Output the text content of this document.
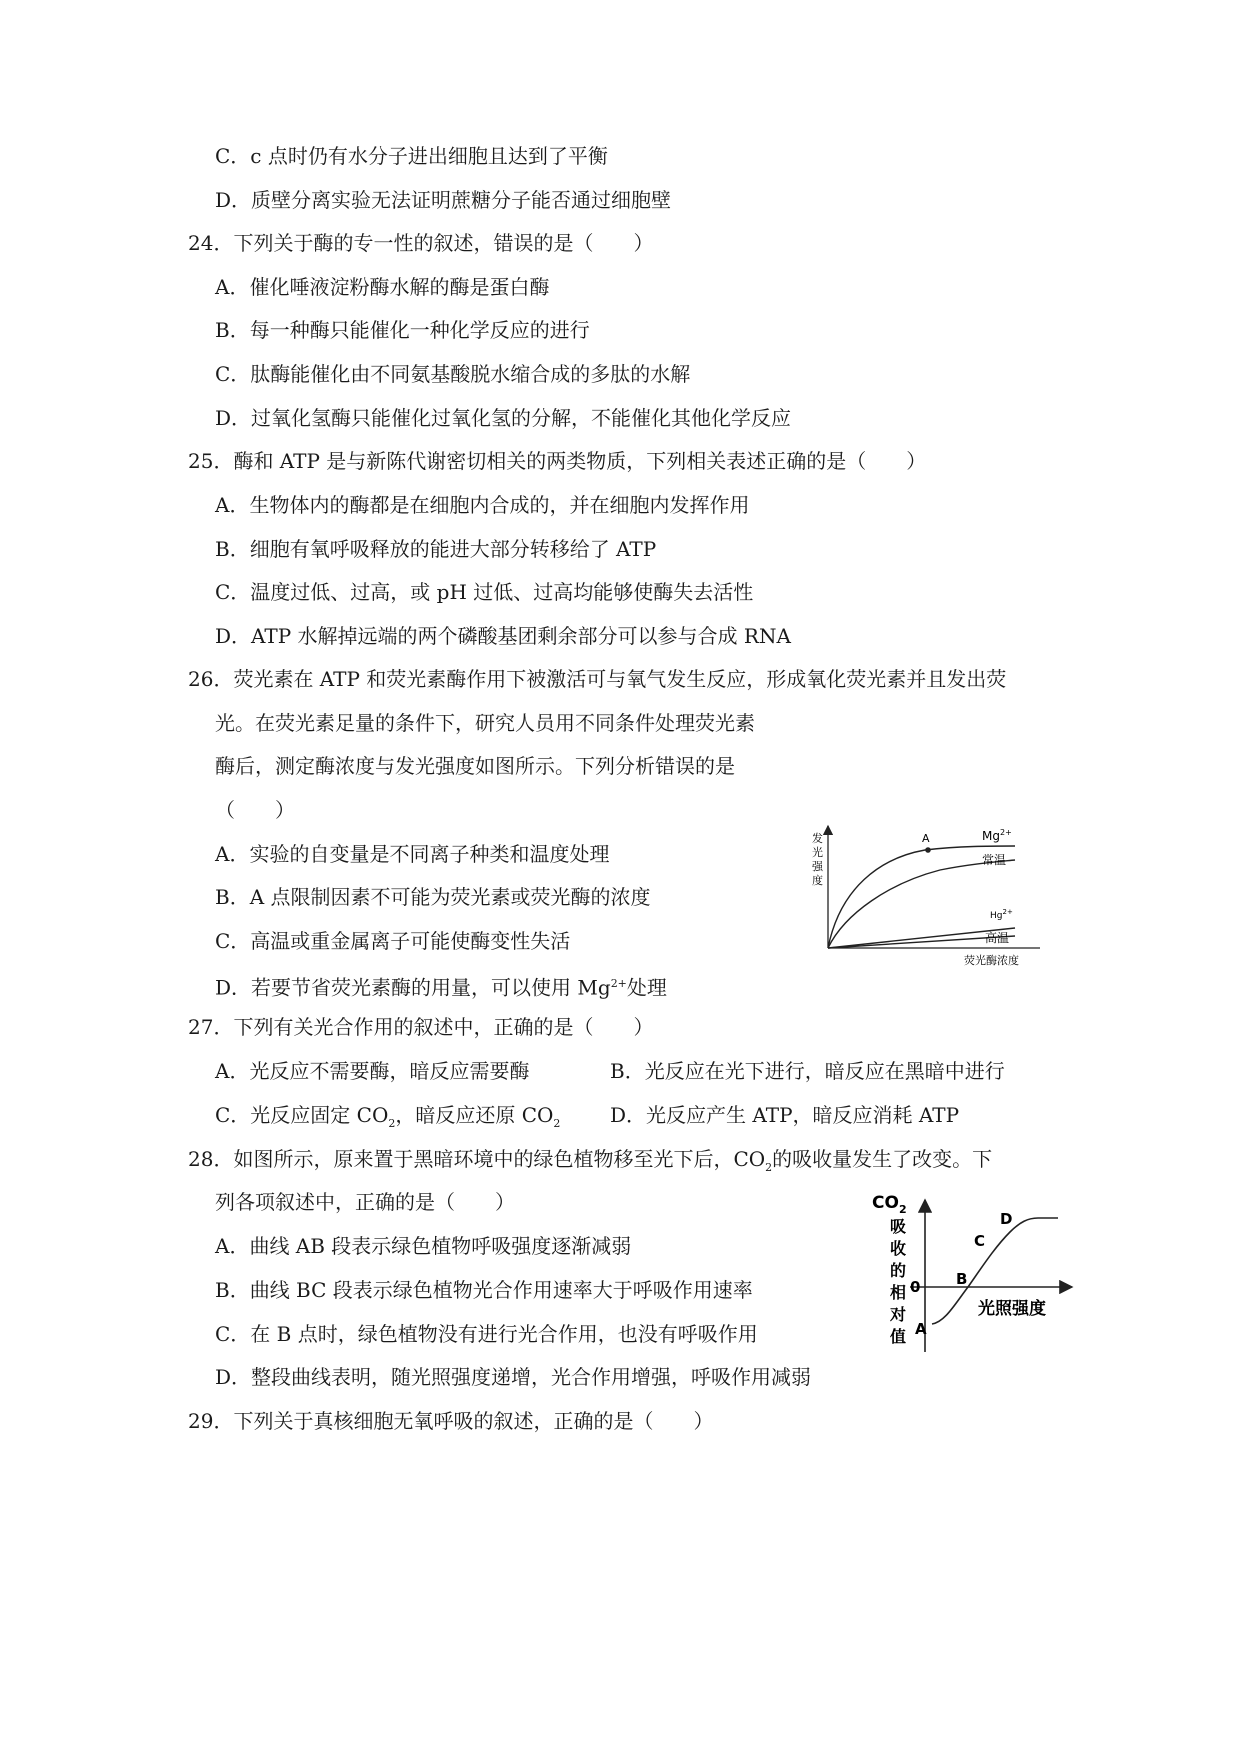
C．c 点时仍有水分子进出细胞且达到了平衡
D．质壁分离实验无法证明蔗糖分子能否通过细胞壁
24．下列关于酶的专一性的叙述，错误的是（　　）
A．催化唾液淀粉酶水解的酶是蛋白酶
B．每一种酶只能催化一种化学反应的进行
C．肽酶能催化由不同氨基酸脱水缩合成的多肽的水解
D．过氧化氢酶只能催化过氧化氢的分解，不能催化其他化学反应
25．酶和 ATP 是与新陈代谢密切相关的两类物质，下列相关表述正确的是（　　）
A．生物体内的酶都是在细胞内合成的，并在细胞内发挥作用
B．细胞有氧呼吸释放的能进大部分转移给了 ATP
C．温度过低、过高，或 pH 过低、过高均能够使酶失去活性
D．ATP 水解掉远端的两个磷酸基团剩余部分可以参与合成 RNA
26．荧光素在 ATP 和荧光素酶作用下被激活可与氧气发生反应，形成氧化荧光素并且发出荧
光。在荧光素足量的条件下，研究人员用不同条件处理荧光素
酶后，测定酶浓度与发光强度如图所示。下列分析错误的是
（　　）
A．实验的自变量是不同离子种类和温度处理
B．A 点限制因素不可能为荧光素或荧光酶的浓度
C．高温或重金属离子可能使酶变性失活
D．若要节省荧光素酶的用量，可以使用 $Mg^{2+}$处理
27．下列有关光合作用的叙述中，正确的是（　　）
A．光反应不需要酶，暗反应需要酶	B．光反应在光下进行，暗反应在黑暗中进行
C．光反应固定 $CO_2$，暗反应还原 $CO_2$ D．光反应产生 ATP，暗反应消耗 ATP
28．如图所示，原来置于黑暗环境中的绿色植物移至光下后，$CO_2$的吸收量发生了改变。下
列各项叙述中，正确的是（　　）
A．曲线 AB 段表示绿色植物呼吸强度逐渐减弱
B．曲线 BC 段表示绿色植物光合作用速率大于呼吸作用速率
C．在 B 点时，绿色植物没有进行光合作用，也没有呼吸作用
D．整段曲线表明，随光照强度递增，光合作用增强，呼吸作用减弱
29．下列关于真核细胞无氧呼吸的叙述，正确的是（　　）
发
光
强
度
A	$Mg^{2+}$
常温
$Hg^{2+}$
高温
荧光酶浓度
$CO_2$
吸
收
的
相
对
值
0
A
B
C
D
光照强度
